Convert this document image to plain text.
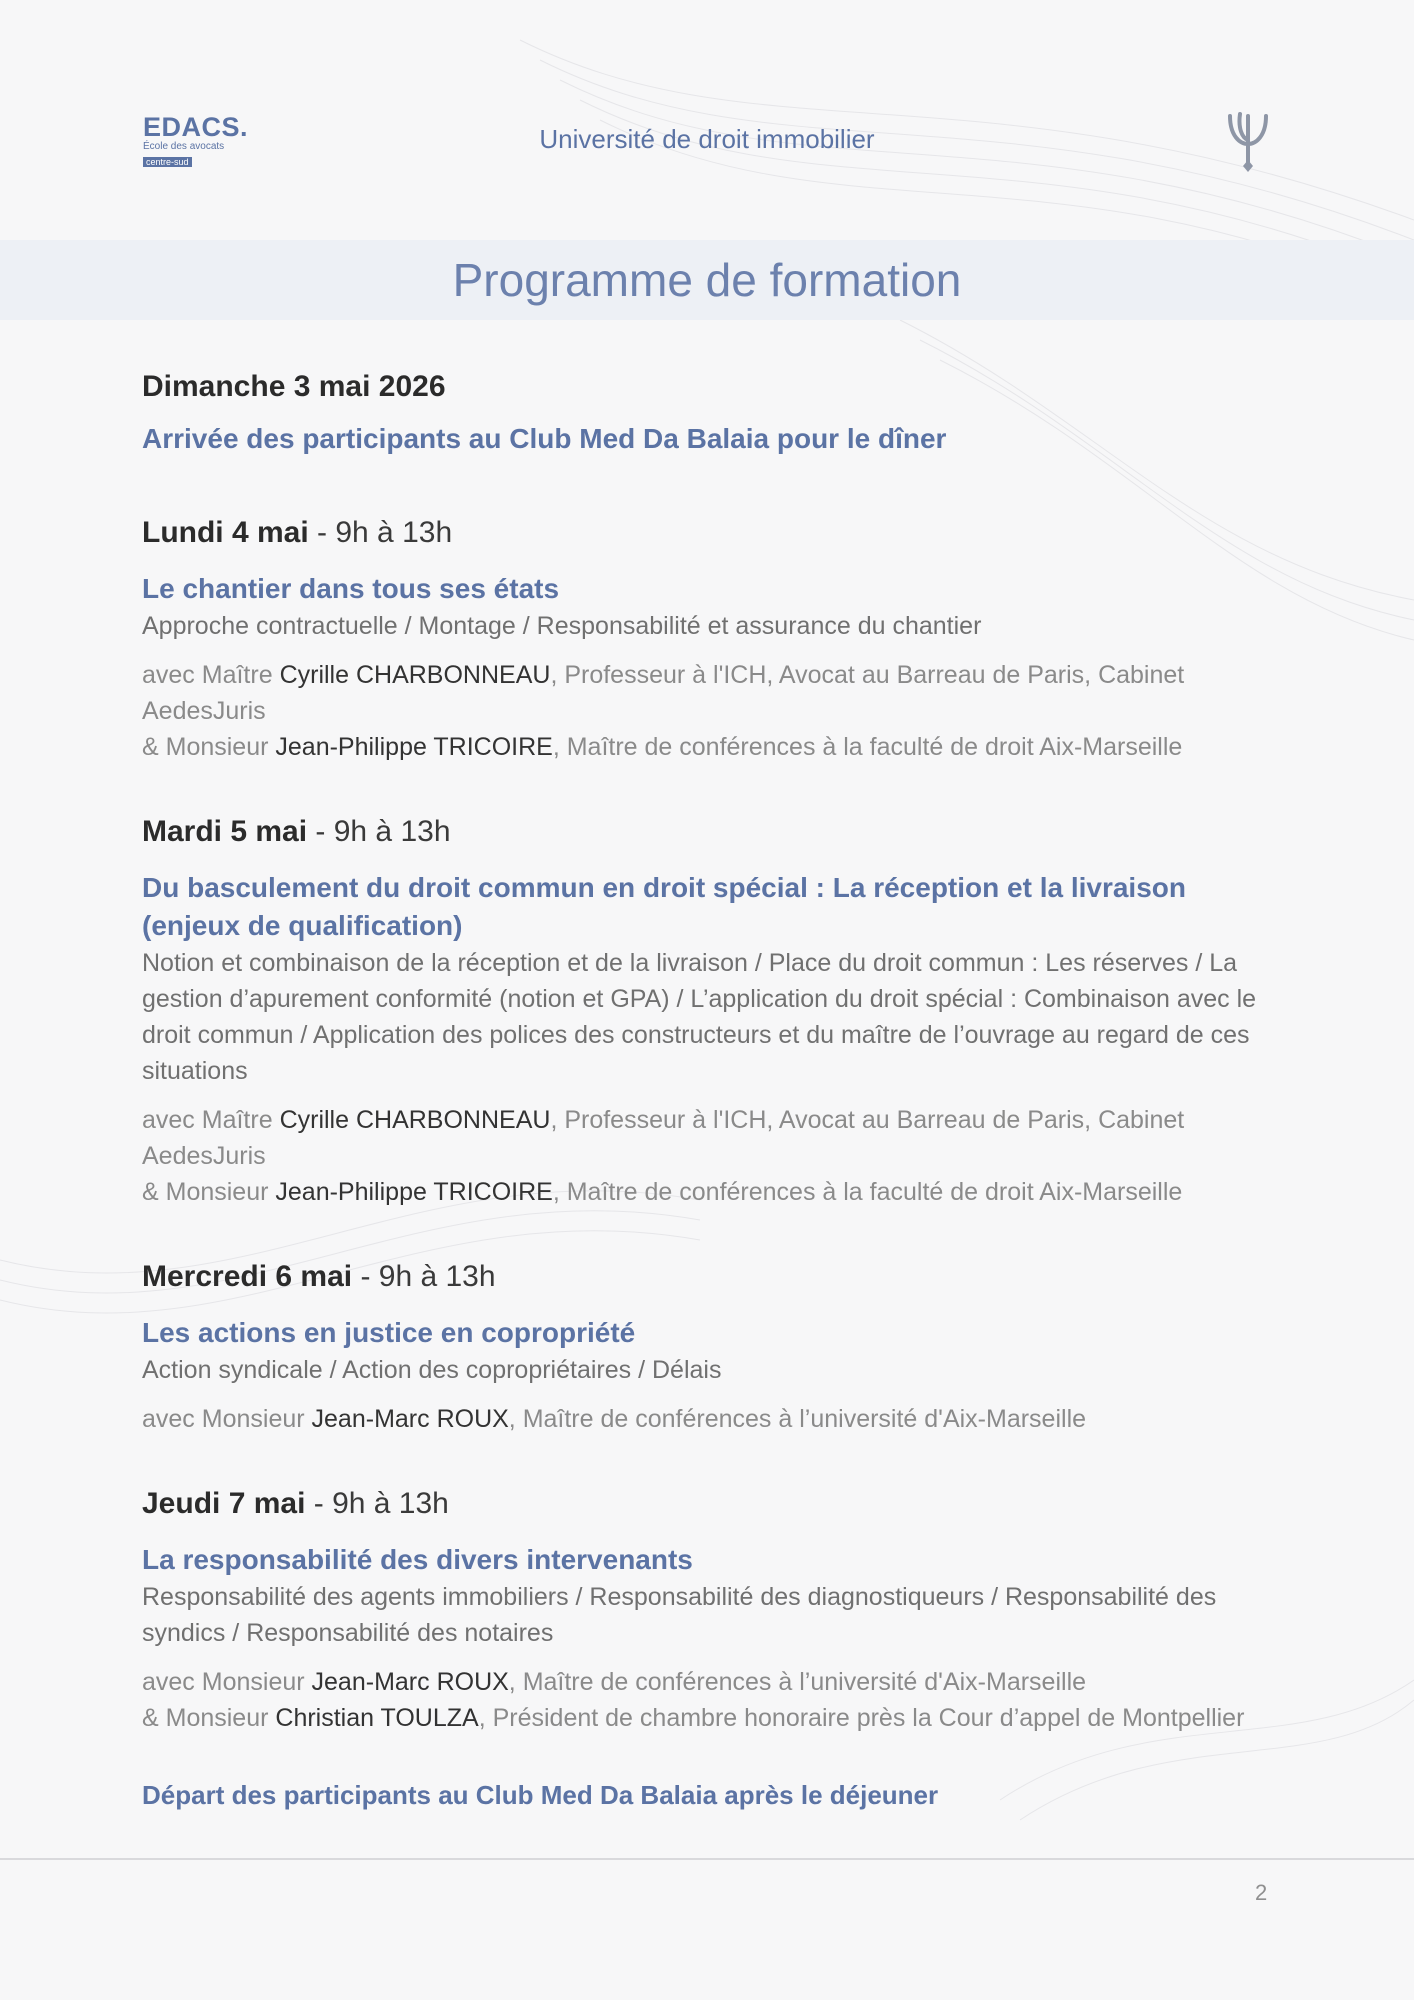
EDACS.
École des avocats
centre-sud
Université de droit immobilier
Programme de formation
Dimanche 3 mai 2026
Arrivée des participants au Club Med Da Balaia pour le dîner
Lundi 4 mai - 9h à 13h
Le chantier dans tous ses états
Approche contractuelle / Montage / Responsabilité et assurance du chantier
avec Maître Cyrille CHARBONNEAU, Professeur à l'ICH, Avocat au Barreau de Paris, Cabinet AedesJuris
& Monsieur Jean-Philippe TRICOIRE, Maître de conférences à la faculté de droit Aix-Marseille
Mardi 5 mai - 9h à 13h
Du basculement du droit commun en droit spécial : La réception et la livraison (enjeux de qualification)
Notion et combinaison de la réception et de la livraison / Place du droit commun : Les réserves / La gestion d’apurement conformité (notion et GPA) / L’application du droit spécial : Combinaison avec le droit commun / Application des polices des constructeurs et du maître de l’ouvrage au regard de ces situations
avec Maître Cyrille CHARBONNEAU, Professeur à l'ICH, Avocat au Barreau de Paris, Cabinet AedesJuris
& Monsieur Jean-Philippe TRICOIRE, Maître de conférences à la faculté de droit Aix-Marseille
Mercredi 6 mai - 9h à 13h
Les actions en justice en copropriété
Action syndicale / Action des copropriétaires / Délais
avec Monsieur Jean-Marc ROUX, Maître de conférences à l’université d'Aix-Marseille
Jeudi 7 mai - 9h à 13h
La responsabilité des divers intervenants
Responsabilité des agents immobiliers / Responsabilité des diagnostiqueurs / Responsabilité des syndics / Responsabilité des notaires
avec Monsieur Jean-Marc ROUX, Maître de conférences à l’université d'Aix-Marseille
& Monsieur Christian TOULZA, Président de chambre honoraire près la Cour d’appel de Montpellier
Départ des participants au Club Med Da Balaia après le déjeuner
2
